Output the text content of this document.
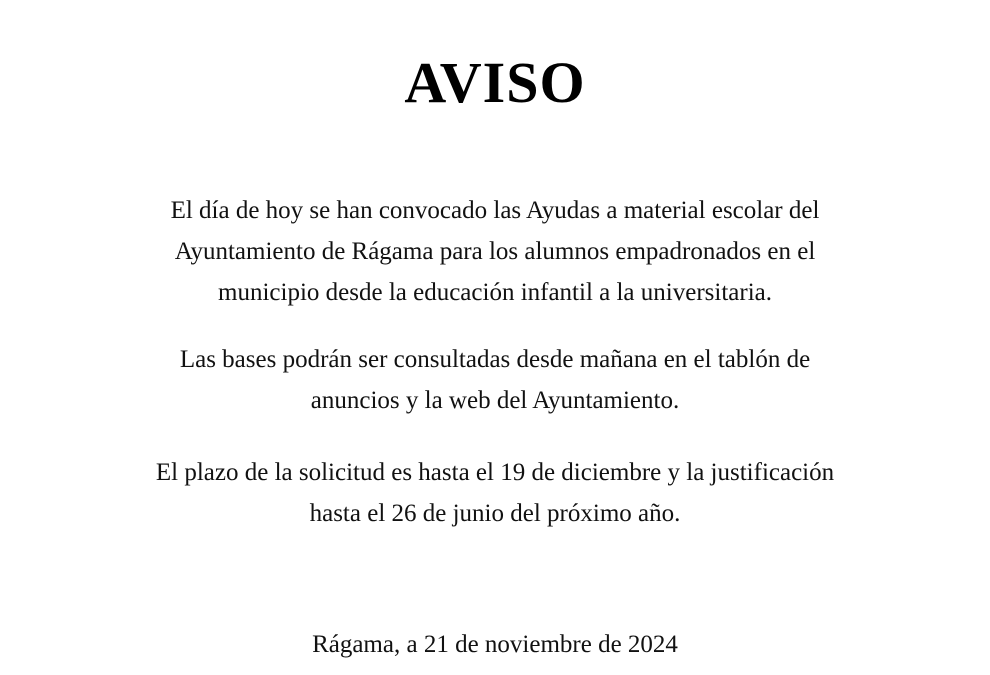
AVISO
El día de hoy se han convocado las Ayudas a material escolar del
Ayuntamiento de Rágama para los alumnos empadronados en el
municipio desde la educación infantil a la universitaria.
Las bases podrán ser consultadas desde mañana en el tablón de
anuncios y la web del Ayuntamiento.
El plazo de la solicitud es hasta el 19 de diciembre y la justificación
hasta el 26 de junio del próximo año.
Rágama, a 21 de noviembre de 2024
